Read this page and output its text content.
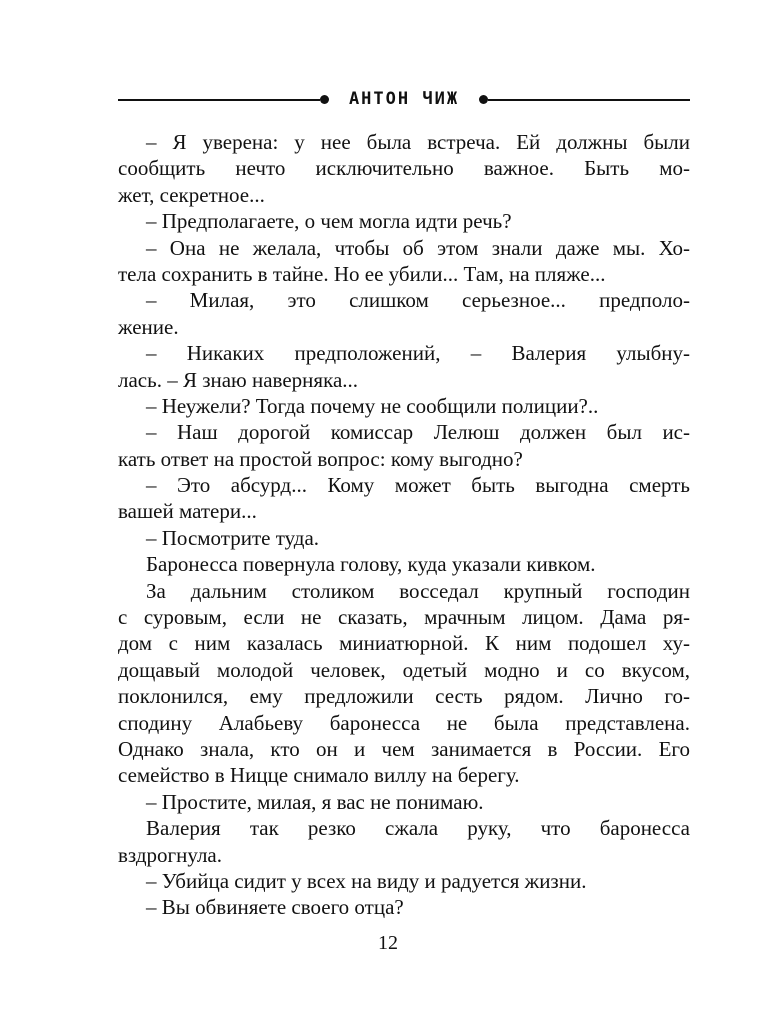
АНТОН ЧИЖ
– Я уверена: у нее была встреча. Ей должны были
сообщить нечто исключительно важное. Быть мо-
жет, секретное...
– Предполагаете, о чем могла идти речь?
– Она не желала, чтобы об этом знали даже мы. Хо-
тела сохранить в тайне. Но ее убили... Там, на пляже...
– Милая, это слишком серьезное... предполо-
жение.
– Никаких предположений, – Валерия улыбну-
лась. – Я знаю наверняка...
– Неужели? Тогда почему не сообщили полиции?..
– Наш дорогой комиссар Лелюш должен был ис-
кать ответ на простой вопрос: кому выгодно?
– Это абсурд... Кому может быть выгодна смерть
вашей матери...
– Посмотрите туда.
Баронесса повернула голову, куда указали кивком.
За дальним столиком восседал крупный господин
с суровым, если не сказать, мрачным лицом. Дама ря-
дом с ним казалась миниатюрной. К ним подошел ху-
дощавый молодой человек, одетый модно и со вкусом,
поклонился, ему предложили сесть рядом. Лично го-
сподину Алабьеву баронесса не была представлена.
Однако знала, кто он и чем занимается в России. Его
семейство в Ницце снимало виллу на берегу.
– Простите, милая, я вас не понимаю.
Валерия так резко сжала руку, что баронесса
вздрогнула.
– Убийца сидит у всех на виду и радуется жизни.
– Вы обвиняете своего отца?
12
